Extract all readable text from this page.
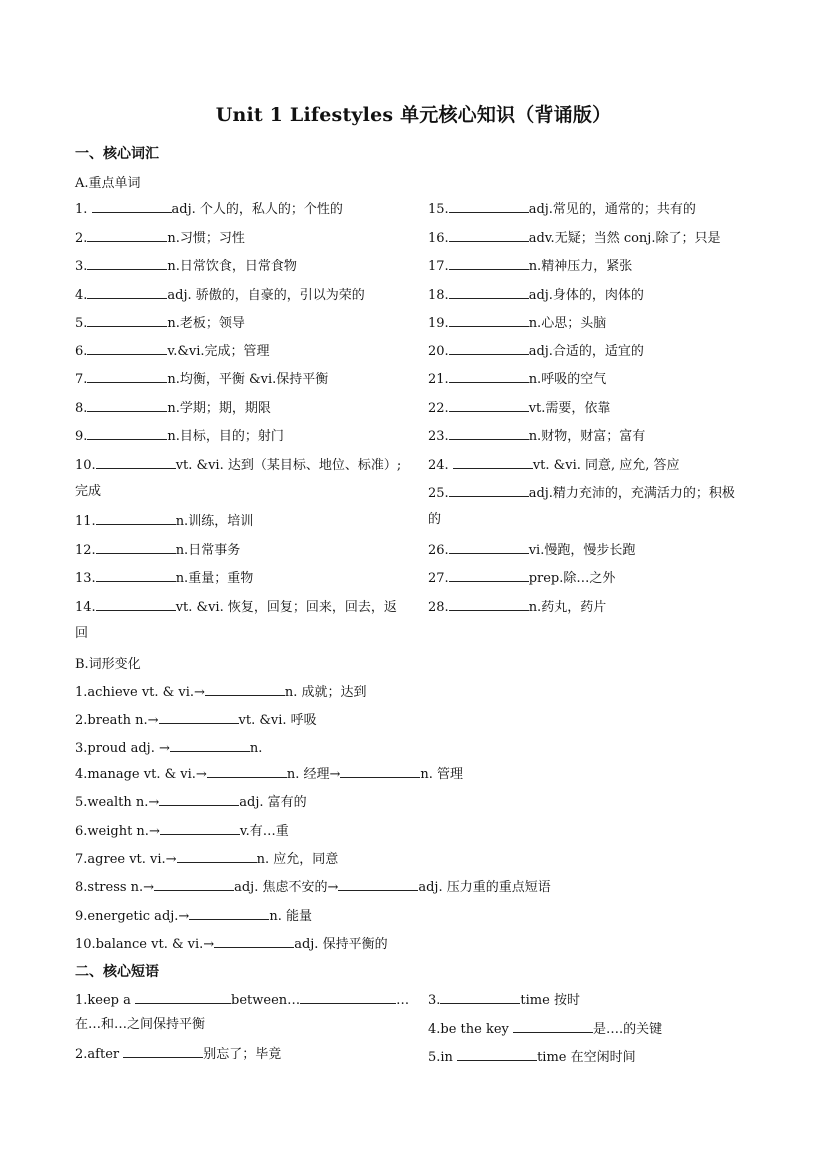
Unit 1 Lifestyles 单元核心知识（背诵版）
一、核心词汇
A.重点单词
1.	adj. 个人的，私人的；个性的
2.	n.习惯；习性
3.	n.日常饮食，日常食物
4.	adj. 骄傲的，自豪的，引以为荣的
5.	n.老板；领导
6.	v.&vi.完成；管理
7.	n.均衡，平衡 &vi.保持平衡
8.	n.学期；期，期限
9.	n.目标，目的；射门
10.	vt. &vi. 达到（某目标、地位、标准）;
完成
11.	n.训练，培训
12.	n.日常事务
13.	n.重量；重物
14.	vt. &vi. 恢复，回复；回来，回去，返
回
15.	adj.常见的，通常的；共有的
16.	adv.无疑；当然 conj.除了；只是
17.	n.精神压力，紧张
18.	adj.身体的，肉体的
19.	n.心思；头脑
20.	adj.合适的，适宜的
21.	n.呼吸的空气
22.	vt.需要，依靠
23.	n.财物，财富；富有
24.	vt. &vi. 同意, 应允, 答应
25.	adj.精力充沛的，充满活力的；积极
的
26.	vi.慢跑，慢步长跑
27.	prep.除…之外
28.	n.药丸，药片
B.词形变化
1.achieve vt. & vi.→	n. 成就；达到
2.breath n.→	vt. &vi. 呼吸
3.proud adj. →	n.
4.manage vt. & vi.→	n. 经理→	n. 管理
5.wealth n.→	adj. 富有的
6.weight n.→	v.有…重
7.agree vt. vi.→	n. 应允，同意
8.stress n.→	adj. 焦虑不安的→	adj. 压力重的重点短语
9.energetic adj.→	n. 能量
10.balance vt. & vi.→	adj. 保持平衡的
二、核心短语
1.keep a	between…	…
在…和…之间保持平衡
2.after	别忘了；毕竟
3.	time 按时
4.be the key	是….的关键
5.in	time 在空闲时间
